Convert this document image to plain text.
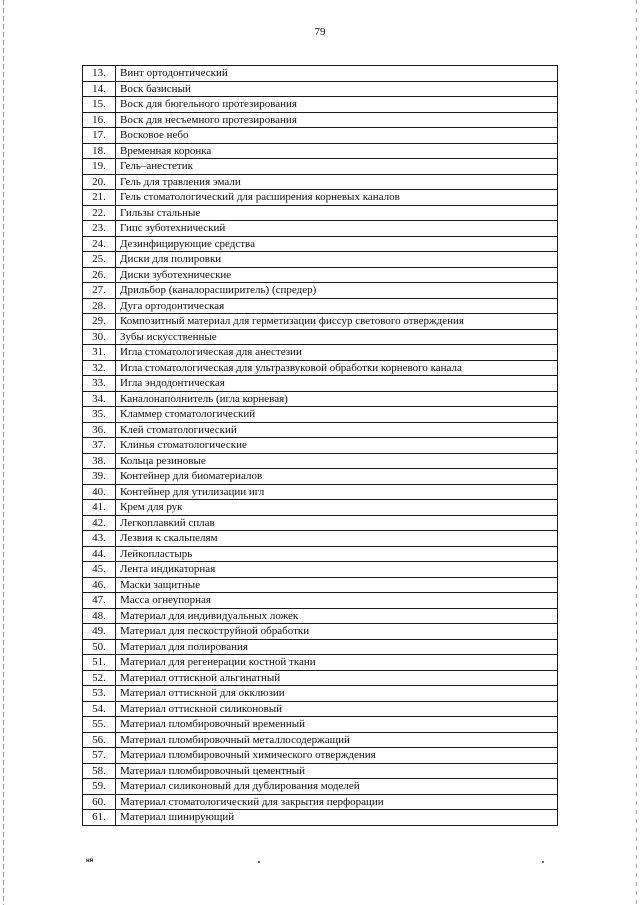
79
13.	Винт ортодонтический
14.	Воск базисный
15.	Воск для бюгельного протезирования
16.	Воск для несъемного протезирования
17.	Восковое небо
18.	Временная коронка
19.	Гель–анестетик
20.	Гель для травления эмали
21.	Гель стоматологический для расширения корневых каналов
22.	Гильзы стальные
23.	Гипс зуботехнический
24.	Дезинфицирующие средства
25.	Диски для полировки
26.	Диски зуботехнические
27.	Дрильбор (каналорасширитель) (спредер)
28.	Дуга ортодонтическая
29.	Композитный материал для герметизации фиссур светового отверждения
30.	Зубы искусственные
31.	Игла стоматологическая для анестезии
32.	Игла стоматологическая для ультразвуковой обработки корневого канала
33.	Игла эндодонтическая
34.	Каналонаполнитель (игла корневая)
35.	Кламмер стоматологический
36.	Клей стоматологический
37.	Клинья стоматологические
38.	Кольца резиновые
39.	Контейнер для биоматериалов
40.	Контейнер для утилизации игл
41.	Крем для рук
42.	Легкоплавкий сплав
43.	Лезвия к скальпелям
44.	Лейкопластырь
45.	Лента индикаторная
46.	Маски защитные
47.	Масса огнеупорная
48.	Материал для индивидуальных ложек
49.	Материал для пескоструйной обработки
50.	Материал для полирования
51.	Материал для регенерации костной ткани
52.	Материал оттискной альгинатный
53.	Материал оттискной для окклюзии
54.	Материал оттискной силиконовый
55.	Материал пломбировочный временный
56.	Материал пломбировочный металлосодержащий
57.	Материал пломбировочный химического отверждения
58.	Материал пломбировочный цементный
59.	Материал силиконовый для дублирования моделей
60.	Материал стоматологический для закрытия перфорации
61.	Материал шинирующий
ня
